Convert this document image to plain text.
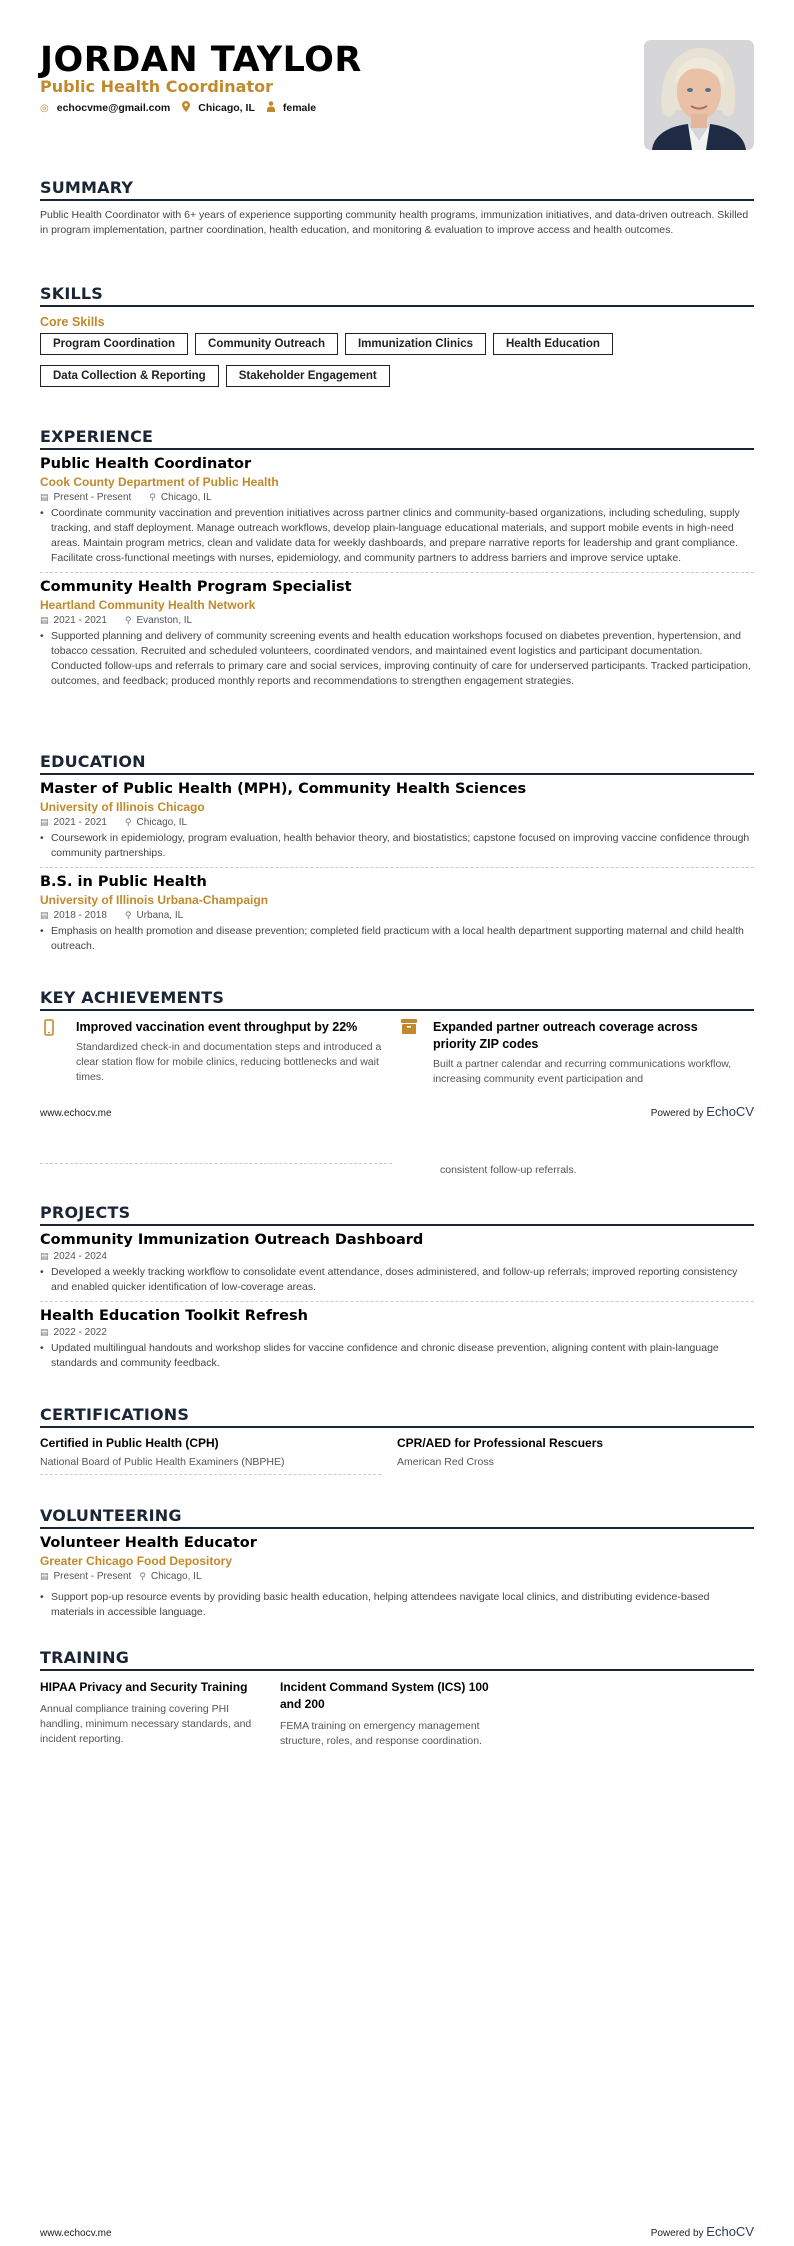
JORDAN TAYLOR
Public Health Coordinator
◎ echocvme@gmail.com	Chicago, IL	female
SUMMARY
Public Health Coordinator with 6+ years of experience supporting community health programs, immunization initiatives, and data-driven outreach. Skilled in program implementation, partner coordination, health education, and monitoring & evaluation to improve access and health outcomes.
SKILLS
Core Skills
Program Coordination	Community Outreach	Immunization Clinics	Health Education
Data Collection & Reporting	Stakeholder Engagement
EXPERIENCE
Public Health Coordinator
Cook County Department of Public Health
▤ Present - Present ⚲ Chicago, IL
• Coordinate community vaccination and prevention initiatives across partner clinics and community-based organizations, including scheduling, supply tracking, and staff deployment. Manage outreach workflows, develop plain-language educational materials, and support mobile events in high-need areas. Maintain program metrics, clean and validate data for weekly dashboards, and prepare narrative reports for leadership and grant compliance. Facilitate cross-functional meetings with nurses, epidemiology, and community partners to address barriers and improve service uptake.
Community Health Program Specialist
Heartland Community Health Network
▤ 2021 - 2021 ⚲ Evanston, IL
• Supported planning and delivery of community screening events and health education workshops focused on diabetes prevention, hypertension, and tobacco cessation. Recruited and scheduled volunteers, coordinated vendors, and maintained event logistics and participant documentation. Conducted follow-ups and referrals to primary care and social services, improving continuity of care for underserved participants. Tracked participation, outcomes, and feedback; produced monthly reports and recommendations to strengthen engagement strategies.
EDUCATION
Master of Public Health (MPH), Community Health Sciences
University of Illinois Chicago
▤ 2021 - 2021 ⚲ Chicago, IL
• Coursework in epidemiology, program evaluation, health behavior theory, and biostatistics; capstone focused on improving vaccine confidence through community partnerships.
B.S. in Public Health
University of Illinois Urbana-Champaign
▤ 2018 - 2018 ⚲ Urbana, IL
• Emphasis on health promotion and disease prevention; completed field practicum with a local health department supporting maternal and child health outreach.
KEY ACHIEVEMENTS
Improved vaccination event throughput by 22%
Standardized check-in and documentation steps and introduced a clear station flow for mobile clinics, reducing bottlenecks and wait times.
Expanded partner outreach coverage across priority ZIP codes
Built a partner calendar and recurring communications workflow, increasing community event participation and
www.echocv.me	Powered by EchoCV
consistent follow-up referrals.
PROJECTS
Community Immunization Outreach Dashboard
▤ 2024 - 2024
• Developed a weekly tracking workflow to consolidate event attendance, doses administered, and follow-up referrals; improved reporting consistency and enabled quicker identification of low-coverage areas.
Health Education Toolkit Refresh
▤ 2022 - 2022
• Updated multilingual handouts and workshop slides for vaccine confidence and chronic disease prevention, aligning content with plain-language standards and community feedback.
CERTIFICATIONS
Certified in Public Health (CPH)
National Board of Public Health Examiners (NBPHE)
CPR/AED for Professional Rescuers
American Red Cross
VOLUNTEERING
Volunteer Health Educator
Greater Chicago Food Depository
▤ Present - Present ⚲ Chicago, IL
• Support pop-up resource events by providing basic health education, helping attendees navigate local clinics, and distributing evidence-based materials in accessible language.
TRAINING
HIPAA Privacy and Security Training
Annual compliance training covering PHI handling, minimum necessary standards, and incident reporting.
Incident Command System (ICS) 100 and 200
FEMA training on emergency management structure, roles, and response coordination.
www.echocv.me	Powered by EchoCV
